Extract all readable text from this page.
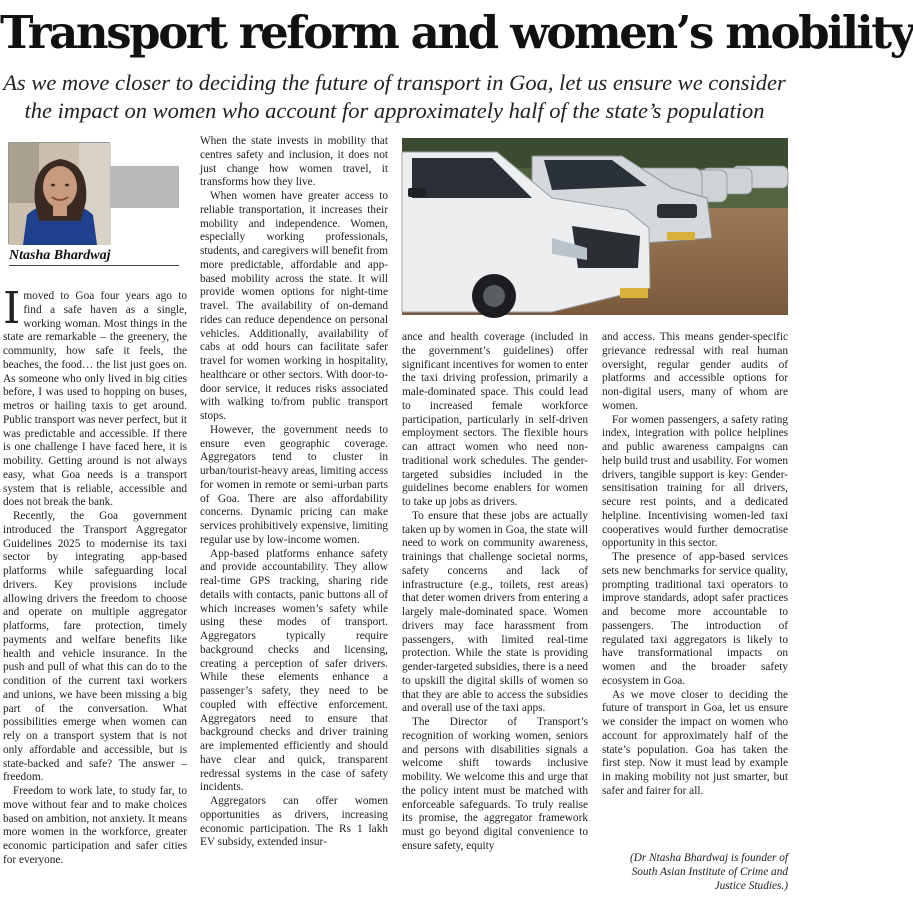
Transport reform and women’s mobility
As we move closer to deciding the future of transport in Goa, let us ensure we consider
the impact on women who account for approximately half of the state’s population
Ntasha Bhardwaj

Imoved to Goa four years ago to find a safe haven as a single, working woman. Most things in the state are remarkable – the greenery, the community, how safe it feels, the beaches, the food… the list just goes on. As someone who only lived in big cities before, I was used to hopping on buses, metros or hailing taxis to get around. Public transport was never perfect, but it was predictable and accessible. If there is one challenge I have faced here, it is mobility. Getting around is not always easy, what Goa needs is a transport system that is reliable, accessible and does not break the bank.

Recently, the Goa government introduced the Transport Aggregator Guidelines 2025 to modernise its taxi sector by integrating app-based platforms while safeguarding local drivers. Key provisions include allowing drivers the freedom to choose and operate on multiple aggregator platforms, fare protection, timely payments and welfare benefits like health and vehicle insurance. In the push and pull of what this can do to the condition of the current taxi workers and unions, we have been missing a big part of the conversation. What possibilities emerge when women can rely on a transport system that is not only affordable and accessible, but is state-backed and safe? The answer –freedom.

Freedom to work late, to study far, to move without fear and to make choices based on ambition, not anxiety. It means more women in the workforce, greater economic participation and safer cities for everyone.

When the state invests in mobility that centres safety and inclusion, it does not just change how women travel, it transforms how they live.

When women have greater access to reliable transportation, it increases their mobility and independence. Women, especially working professionals, students, and caregivers will benefit from more predictable, affordable and app-based mobility across the state. It will provide women options for night-time travel. The availability of on-demand rides can reduce dependence on personal vehicles. Additionally, availability of cabs at odd hours can facilitate safer travel for women working in hospitality, healthcare or other sectors. With door-to-door service, it reduces risks associated with walking to/from public transport stops.

However, the government needs to ensure even geographic coverage. Aggregators tend to cluster in urban/tourist-heavy areas, limiting access for women in remote or semi-urban parts of Goa. There are also affordability concerns. Dynamic pricing can make services prohibitively expensive, limiting regular use by low-income women.

App-based platforms enhance safety and provide accountability. They allow real-time GPS tracking, sharing ride details with contacts, panic buttons all of which increases women’s safety while using these modes of transport. Aggregators typically require background checks and licensing, creating a perception of safer drivers. While these elements enhance a passenger’s safety, they need to be coupled with effective enforcement. Aggregators need to ensure that background checks and driver training are implemented efficiently and should have clear and quick, transparent redressal systems in the case of safety incidents.

Aggregators can offer women opportunities as drivers, increasing economic participation. The Rs 1 lakh EV subsidy, extended insur-

ance and health coverage (included in the government’s guidelines) offer significant incentives for women to enter the taxi driving profession, primarily a male-dominated space. This could lead to increased female workforce participation, particularly in self-driven employment sectors. The flexible hours can attract women who need non-traditional work schedules. The gender-targeted subsidies included in the guidelines become enablers for women to take up jobs as drivers.

To ensure that these jobs are actually taken up by women in Goa, the state will need to work on community awareness, trainings that challenge societal norms, safety concerns and lack of infrastructure (e.g., toilets, rest areas) that deter women drivers from entering a largely male-dominated space. Women drivers may face harassment from passengers, with limited real-time protection. While the state is providing gender-targeted subsidies, there is a need to upskill the digital skills of women so that they are able to access the subsidies and overall use of the taxi apps.

The Director of Transport’s recognition of working women, seniors and persons with disabilities signals a welcome shift towards inclusive mobility. We welcome this and urge that the policy intent must be matched with enforceable safeguards. To truly realise its promise, the aggregator framework must go beyond digital convenience to ensure safety, equity

and access. This means gender-specific grievance redressal with real human oversight, regular gender audits of platforms and accessible options for non-digital users, many of whom are women.

For women passengers, a safety rating index, integration with police helplines and public awareness campaigns can help build trust and usability. For women drivers, tangible support is key: Gender-sensitisation training for all drivers, secure rest points, and a dedicated helpline. Incentivising women-led taxi cooperatives would further democratise opportunity in this sector.

The presence of app-based services sets new benchmarks for service quality, prompting traditional taxi operators to improve standards, adopt safer practices and become more accountable to passengers. The introduction of regulated taxi aggregators is likely to have transformational impacts on women and the broader safety ecosystem in Goa.

As we move closer to deciding the future of transport in Goa, let us ensure we consider the impact on women who account for approximately half of the state’s population. Goa has taken the first step. Now it must lead by example in making mobility not just smarter, but safer and fairer for all.

(Dr Ntasha Bhardwaj is founder of South Asian Institute of Crime and Justice Studies.)
